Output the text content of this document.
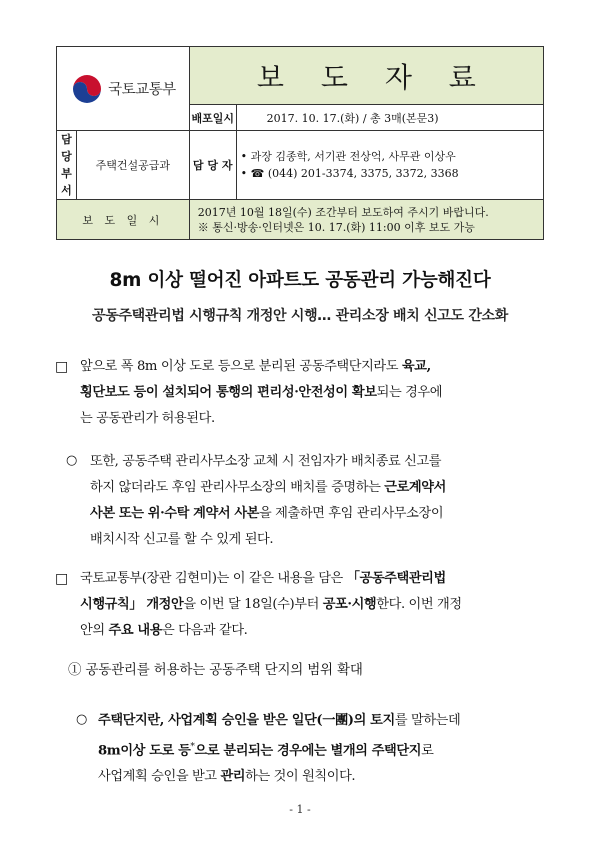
국토교통부		보 도 자 료	
		배포일시	2017. 10. 17.(화) / 총 3매(본문3)
담당 부서	주택건설공급과	담 당 자	• 과장 김종학, 서기관 전상억, 사무관 이상우
• ☎ (044) 201-3374, 3375, 3372, 3368

보 도 일 시		2017년 10월 18일(수) 조간부터 보도하여 주시기 바랍니다.
※ 통신·방송·인터넷은 10. 17.(화) 11:00 이후 보도 가능	
8m 이상 떨어진 아파트도 공동관리 가능해진다
공동주택관리법 시행규칙 개정안 시행… 관리소장 배치 신고도 간소화
□ 앞으로 폭 8m 이상 도로 등으로 분리된 공동주택단지라도 육교,
횡단보도 등이 설치되어 통행의 편리성·안전성이 확보되는 경우에
는 공동관리가 허용된다.
○ 또한, 공동주택 관리사무소장 교체 시 전임자가 배치종료 신고를
하지 않더라도 후임 관리사무소장의 배치를 증명하는 근로계약서
사본 또는 위·수탁 계약서 사본을 제출하면 후임 관리사무소장이
배치시작 신고를 할 수 있게 된다.
□ 국토교통부(장관 김현미)는 이 같은 내용을 담은 「공동주택관리법
시행규칙」 개정안을 이번 달 18일(수)부터 공포·시행한다. 이번 개정
안의 주요 내용은 다음과 같다.
① 공동관리를 허용하는 공동주택 단지의 범위 확대
○ 주택단지란, 사업계획 승인을 받은 일단(一團)의 토지를 말하는데
8m이상 도로 등*으로 분리되는 경우에는 별개의 주택단지로
사업계획 승인을 받고 관리하는 것이 원칙이다.
- 1 -
